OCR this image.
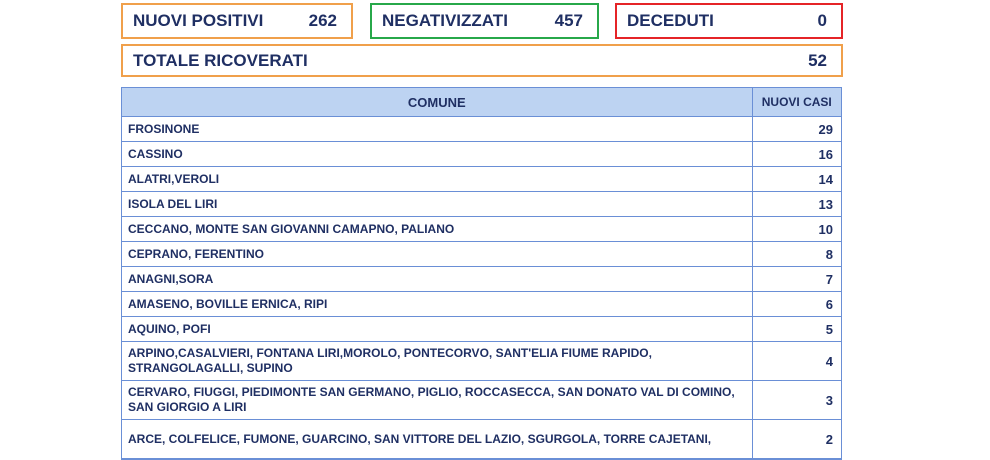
NUOVI POSITIVI	262	NEGATIVIZZATI	457	DECEDUTI	0
TOTALE RICOVERATI	52
COMUNE	NUOVI CASI
FROSINONE	29
CASSINO	16
ALATRI,VEROLI	14
ISOLA DEL LIRI	13
CECCANO, MONTE SAN GIOVANNI CAMAPNO, PALIANO	10
CEPRANO, FERENTINO	8
ANAGNI,SORA	7
AMASENO, BOVILLE ERNICA, RIPI	6
AQUINO, POFI	5
ARPINO,CASALVIERI, FONTANA LIRI,MOROLO, PONTECORVO, SANT'ELIA FIUME RAPIDO, STRANGOLAGALLI, SUPINO	4
CERVARO, FIUGGI, PIEDIMONTE SAN GERMANO, PIGLIO, ROCCASECCA, SAN DONATO VAL DI COMINO, SAN GIORGIO A LIRI	3
ARCE, COLFELICE, FUMONE, GUARCINO, SAN VITTORE DEL LAZIO, SGURGOLA, TORRE CAJETANI,	2
